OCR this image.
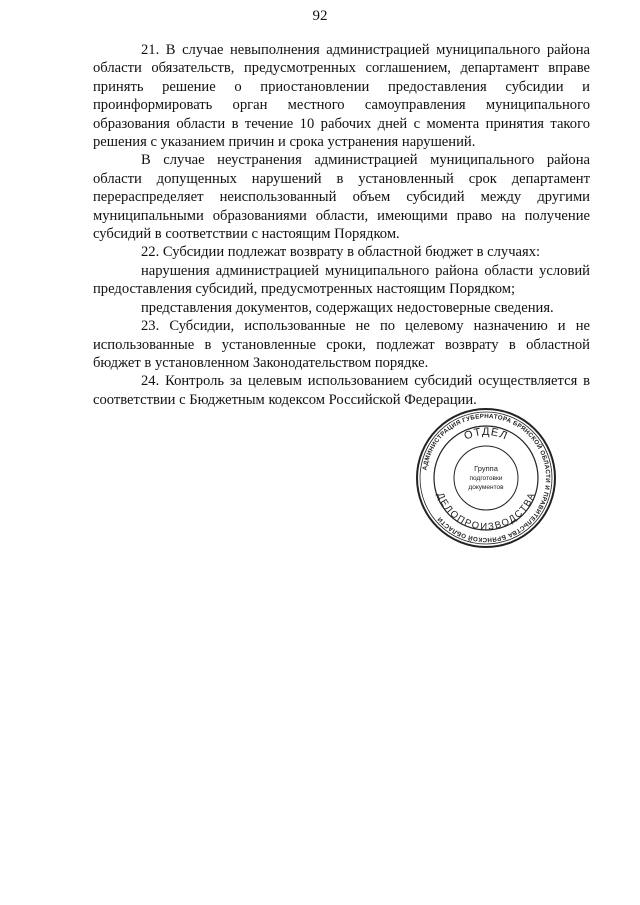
92

21. В случае невыполнения администрацией муниципального района области обязательств, предусмотренных соглашением, департамент вправе принять решение о приостановлении предоставления субсидии и проинформировать орган местного самоуправления муниципального образования области в течение 10 рабочих дней с момента принятия такого решения с указанием причин и срока устранения нарушений.

В случае неустранения администрацией муниципального района области допущенных нарушений в установленный срок департамент перераспределяет неиспользованный объем субсидий между другими муниципальными образованиями области, имеющими право на получение субсидий в соответствии с настоящим Порядком.

22. Субсидии подлежат возврату в областной бюджет в случаях:

нарушения администрацией муниципального района области условий предоставления субсидий, предусмотренных настоящим Порядком;

представления документов, содержащих недостоверные сведения.

23. Субсидии, использованные не по целевому назначению и не использованные в установленные сроки, подлежат возврату в областной бюджет в установленном Законодательством порядке.

24. Контроль за целевым использованием субсидий осуществляется в соответствии с Бюджетным кодексом Российской Федерации.

АДМИНИСТРАЦИЯ ГУБЕРНАТОРА БРЯНСКОЙ ОБЛАСТИ И ПРАВИТЕЛЬСТВА БРЯНСКОЙ ОБЛАСТИ
ОТДЕЛ
ДЕЛОПРОИЗВОДСТВА
Группа
подготовки
документов
